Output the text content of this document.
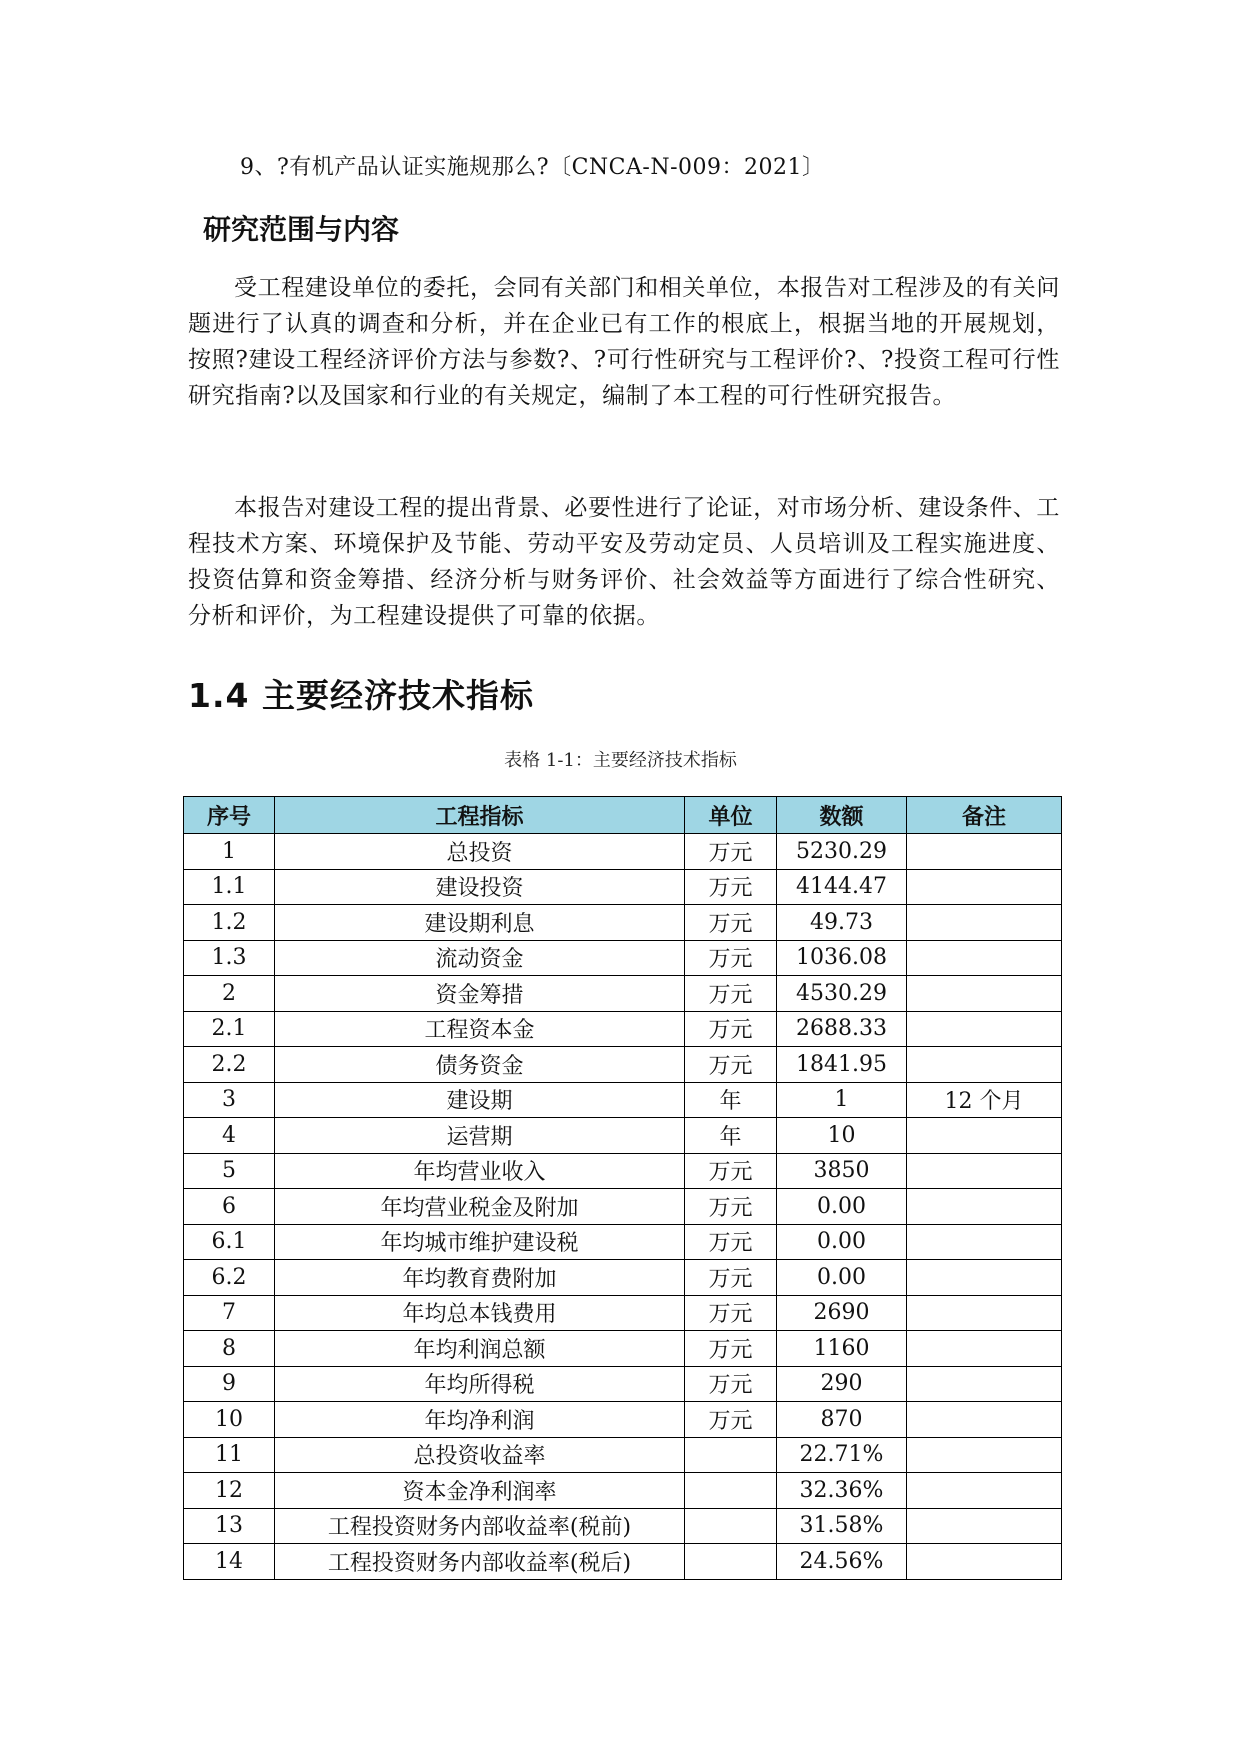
9、?有机产品认证实施规那么?〔CNCA-N-009：2021〕
研究范围与内容

受工程建设单位的委托，会同有关部门和相关单位，本报告对工程涉及的有关问题进行了认真的调查和分析，并在企业已有工作的根底上，根据当地的开展规划，按照?建设工程经济评价方法与参数?、?可行性研究与工程评价?、?投资工程可行性研究指南?以及国家和行业的有关规定，编制了本工程的可行性研究报告。

本报告对建设工程的提出背景、必要性进行了论证，对市场分析、建设条件、工程技术方案、环境保护及节能、劳动平安及劳动定员、人员培训及工程实施进度、投资估算和资金筹措、经济分析与财务评价、社会效益等方面进行了综合性研究、分析和评价，为工程建设提供了可靠的依据。

1.4 主要经济技术指标

表格 1-1：主要经济技术指标

序号	工程指标	单位	数额	备注
1	总投资	万元	5230.29	
1.1	建设投资	万元	4144.47	
1.2	建设期利息	万元	49.73	
1.3	流动资金	万元	1036.08	
2	资金筹措	万元	4530.29	
2.1	工程资本金	万元	2688.33	
2.2	债务资金	万元	1841.95	
3	建设期	年	1	12 个月
4	运营期	年	10	
5	年均营业收入	万元	3850	
6	年均营业税金及附加	万元	0.00	
6.1	年均城市维护建设税	万元	0.00	
6.2	年均教育费附加	万元	0.00	
7	年均总本钱费用	万元	2690	
8	年均利润总额	万元	1160	
9	年均所得税	万元	290	
10	年均净利润	万元	870	
11	总投资收益率		22.71%	
12	资本金净利润率		32.36%	
13	工程投资财务内部收益率(税前)		31.58%	
14	工程投资财务内部收益率(税后)		24.56%	
